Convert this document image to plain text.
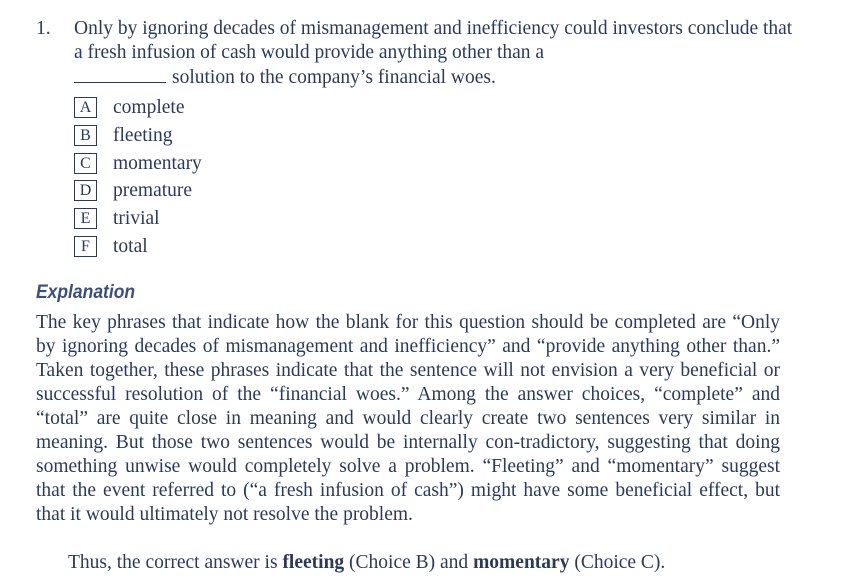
1.	Only by ignoring decades of mismanagement and inefficiency could investors conclude that a fresh infusion of cash would provide anything other than a
solution to the company’s financial woes.
A complete
B	fleeting
C	momentary
D premature
E	trivial
F	total
Explanation
The key phrases that indicate how the blank for this question should be completed are “Only by ignoring decades of mismanagement and inefficiency” and “provide anything other than.” Taken together, these phrases indicate that the sentence will not envision a very beneficial or successful resolution of the “financial woes.” Among the answer choices, “complete” and “total” are quite close in meaning and would clearly create two sentences very similar in meaning. But those two sentences would be internally con-tradictory, suggesting that doing something unwise would completely solve a problem. “Fleeting” and “momentary” suggest that the event referred to (“a fresh infusion of cash”) might have some beneficial effect, but that it would ultimately not resolve the problem.
Thus, the correct answer is fleeting (Choice B) and momentary (Choice C).
